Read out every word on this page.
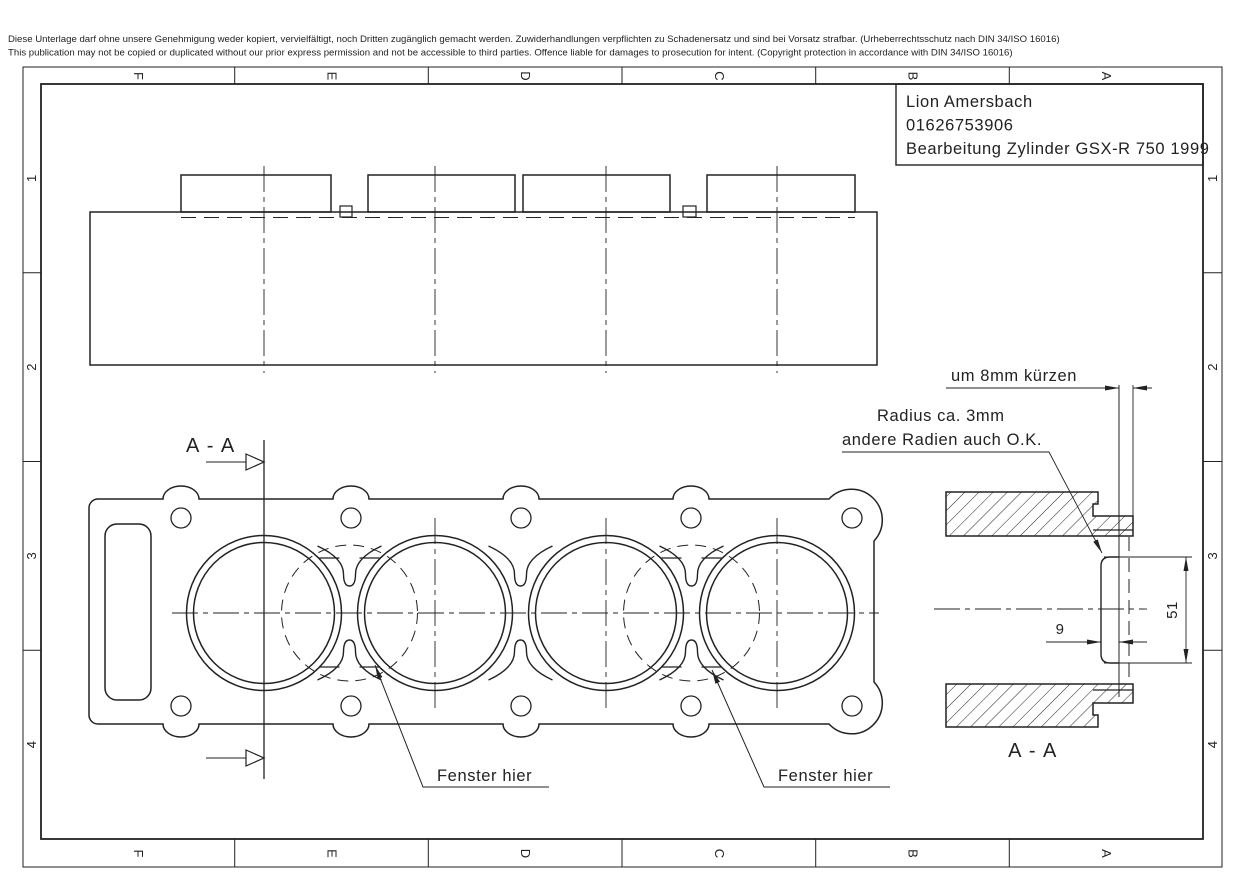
Diese Unterlage darf ohne unsere Genehmigung weder kopiert, vervielfältigt, noch Dritten zugänglich gemacht werden. Zuwiderhandlungen verpflichten zu Schadenersatz und sind bei Vorsatz strafbar. (Urheberrechtsschutz nach DIN 34/ISO 16016)
This publication may not be copied or duplicated without our prior express permission and not be accessible to third parties. Offence liable for damages to prosecution for intent. (Copyright protection in accordance with DIN 34/ISO 16016)
F	E	D	C	B	A
F	E	D	C	B	A
1
2
3
4
1
2
3
4
Lion Amersbach
01626753906
Bearbeitung Zylinder GSX-R 750 1999
A - A
Fenster hier	Fenster hier
um 8mm kürzen
Radius ca. 3mm
andere Radien auch O.K.
9
51
A - A
